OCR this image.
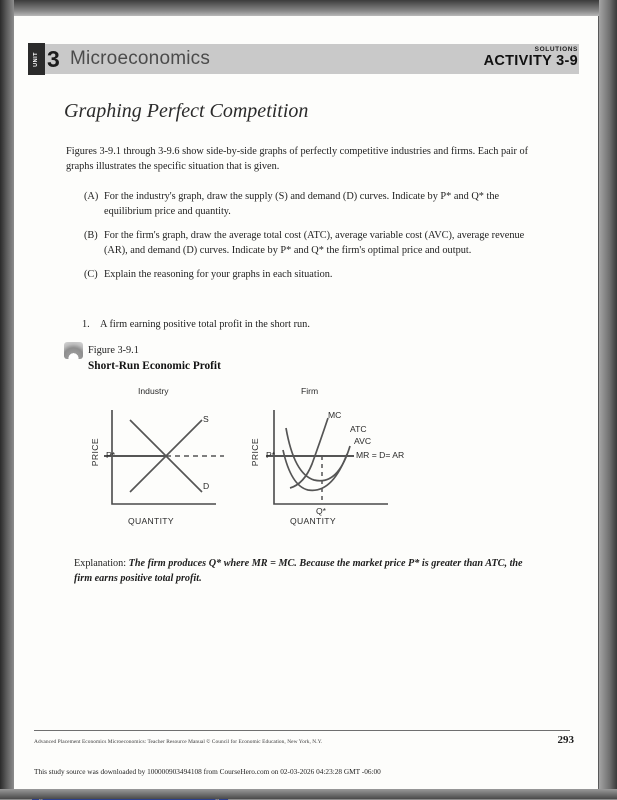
UNIT 3 Microeconomics	SOLUTIONS
ACTIVITY 3-9
Graphing Perfect Competition
Figures 3-9.1 through 3-9.6 show side-by-side graphs of perfectly competitive industries and firms. Each pair of graphs illustrates the specific situation that is given.
(A) For the industry's graph, draw the supply (S) and demand (D) curves. Indicate by P* and Q* the equilibrium price and quantity.
(B) For the firm's graph, draw the average total cost (ATC), average variable cost (AVC), average revenue (AR), and demand (D) curves. Indicate by P* and Q* the firm's optimal price and output.
(C) Explain the reasoning for your graphs in each situation.
1. A firm earning positive total profit in the short run.
Figure 3-9.1
Short-Run Economic Profit
Industry
PRICE P*
S
D
QUANTITY
Firm
PRICE P*
MC
ATC
AVC
MR = D= AR
Q*
QUANTITY
Explanation: The firm produces Q* where MR = MC. Because the market price P* is greater than ATC, the firm earns positive total profit.
Advanced Placement Economics Microeconomics: Teacher Resource Manual © Council for Economic Education, New York, N.Y.	293
This study source was downloaded by 100000903494108 from CourseHero.com on 02-03-2026 04:23:28 GMT -06:00
